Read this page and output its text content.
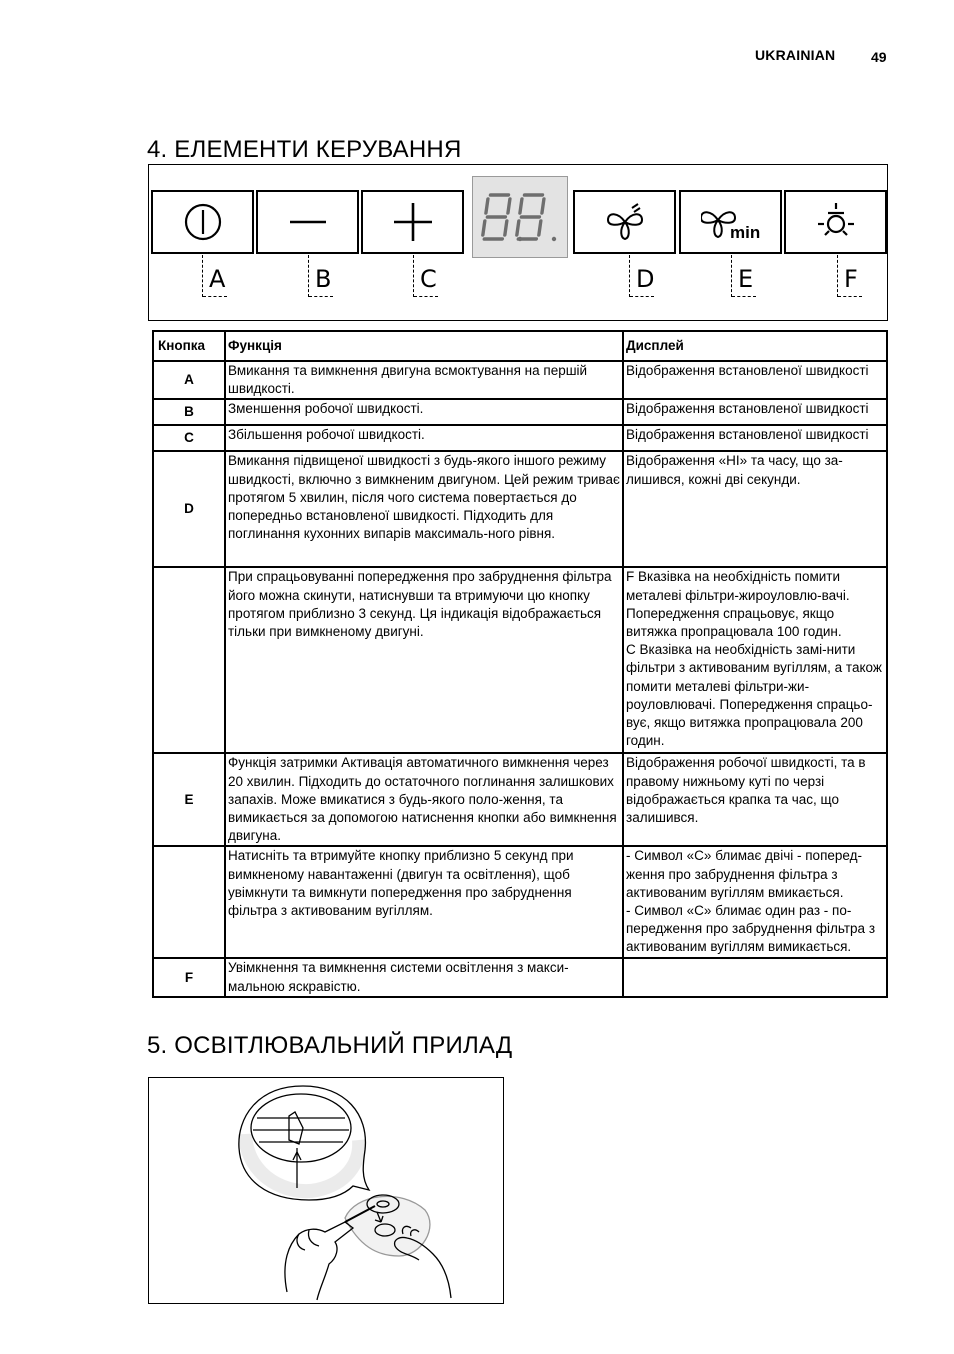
UKRAINIAN	49
4. ЕЛЕМЕНТИ КЕРУВАННЯ
min
A	B	C	D	E	F
Кнопка	Функція	Дисплей
A	Вмикання та вимкнення двигуна всмоктування на першій швидкості.	Відображення встановленої швидкості

B	Зменшення робочої швидкості.	Відображення встановленої швидкості

C	Збільшення робочої швидкості.	Відображення встановленої швидкості

D	Вмикання підвищеної швидкості з будь-якого іншого режиму швидкості, включно з вимкненим двигуном. Цей режим триває протягом 5 хвилин, після чого система повертається до попередньо встановленої швидкості. Підходить для поглинання кухонних випарів максималь-ного рівня.	Відображення «HI» та часу, що за-лишився, кожні дві секунди.

	При спрацьовуванні попередження про забруднення фільтра його можна скинути, натиснувши та втримуючи цю кнопку протягом приблизно 3 секунд. Ця індикація відображається тільки при вимкненому двигуні.	F Вказівка на необхідність помити металеві фільтри-жироуловлю-вачі. Попередження спрацьовує, якщо витяжка пропрацювала 100 годин.
C Вказівка на необхідність замі-нити фільтри з активованим вугіллям, а також помити металеві фільтри-жи-роуловлювачі. Попередження спрацьо-вує, якщо витяжка пропрацювала 200 годин.

E	Функція затримки Активація автоматичного вимкнення через 20 хвилин. Підходить до остаточного поглинання залишкових запахів. Може вмикатися з будь-якого поло-ження, та вимикається за допомогою натиснення кнопки або вимкнення двигуна.	Відображення робочої швидкості, та в правому нижньому куті по черзі відображається крапка та час, що залишився.

	Натисніть та втримуйте кнопку приблизно 5 секунд при вимкненому навантаженні (двигун та освітлення), щоб увімкнути та вимкнути попередження про забруднення фільтра з активованим вугіллям.	- Символ «C» блимає двічі - поперед-ження про забруднення фільтра з активованим вугіллям вмикається.
- Символ «C» блимає один раз - по-передження про забруднення фільтра з активованим вугіллям вимикається.

F	Увімкнення та вимкнення системи освітлення з макси-мальною яскравістю.	

5. ОСВІТЛЮВАЛЬНИЙ ПРИЛАД
